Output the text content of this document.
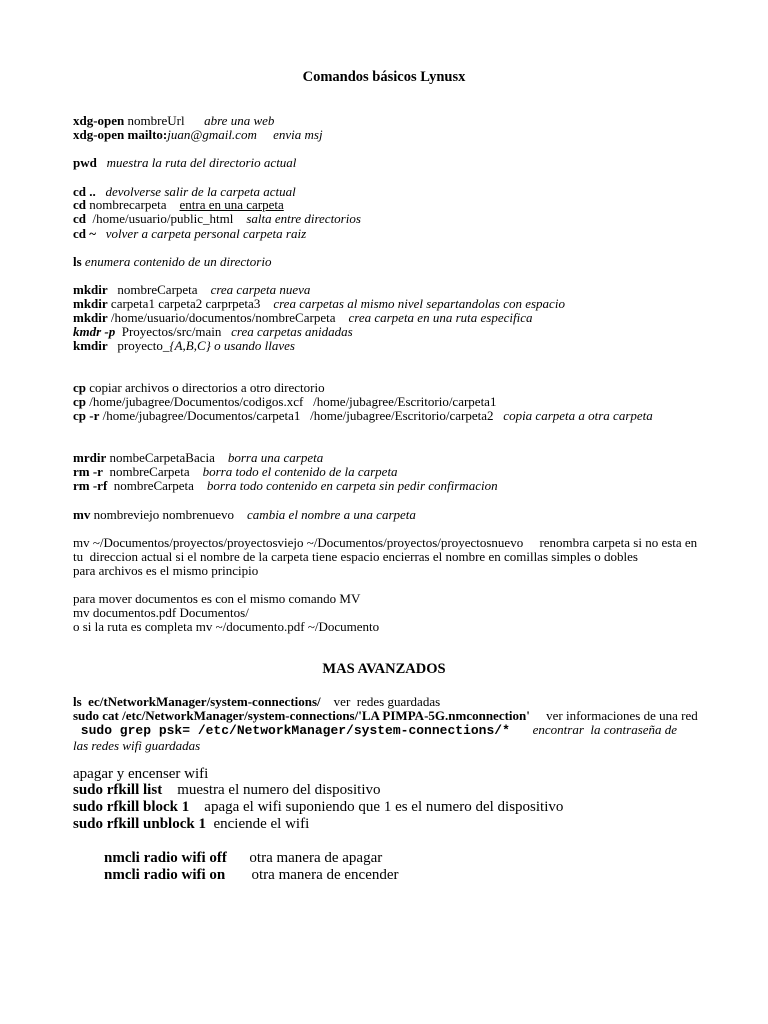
Comandos básicos Lynusx
xdg-open nombreUrl abre una web
xdg-open mailto:juan@gmail.com envia msj
pwd muestra la ruta del directorio actual
cd .. devolverse salir de la carpeta actual
cd nombrecarpeta entra en una carpeta
cd  /home/usuario/public_html salta entre directorios
cd ~ volver a carpeta personal carpeta raiz
ls enumera contenido de un directorio
mkdir   nombreCarpeta crea carpeta nueva
mkdir carpeta1 carpeta2 carprpeta3 crea carpetas al mismo nivel separtandolas con espacio
mkdir /home/usuario/documentos/nombreCarpeta crea carpeta en una ruta especifica
kmdr -p  Proyectos/src/main crea carpetas anidadas
kmdir   proyecto_{A,B,C} o usando llaves
cp copiar archivos o directorios a otro directorio
cp /home/jubagree/Documentos/codigos.xcf   /home/jubagree/Escritorio/carpeta1
cp -r /home/jubagree/Documentos/carpeta1   /home/jubagree/Escritorio/carpeta2 copia carpeta a otra carpeta
mrdir nombeCarpetaBacia borra una carpeta
rm -r  nombreCarpeta borra todo el contenido de la carpeta
rm -rf  nombreCarpeta borra todo contenido en carpeta sin pedir confirmacion
mv nombreviejo nombrenuevo cambia el nombre a una carpeta
mv ~/Documentos/proyectos/proyectosviejo ~/Documentos/proyectos/proyectosnuevo     renombra carpeta si no esta en
tu  direccion actual si el nombre de la carpeta tiene espacio encierras el nombre en comillas simples o dobles
para archivos es el mismo principio
para mover documentos es con el mismo comando MV
mv documentos.pdf Documentos/
o si la ruta es completa mv ~/documento.pdf ~/Documento
MAS AVANZADOS
ls  ec/tNetworkManager/system-connections/ ver  redes guardadas
sudo cat /etc/NetworkManager/system-connections/'LA PIMPA-5G.nmconnection' ver informaciones de una red
sudo grep psk= /etc/NetworkManager/system-connections/* encontrar  la contraseña de
las redes wifi guardadas
apagar y encenser wifi
sudo rfkill list muestra el numero del dispositivo
sudo rfkill block 1 apaga el wifi suponiendo que 1 es el numero del dispositivo
sudo rfkill unblock 1 enciende el wifi
nmcli radio wifi off otra manera de apagar
nmcli radio wifi on otra manera de encender
